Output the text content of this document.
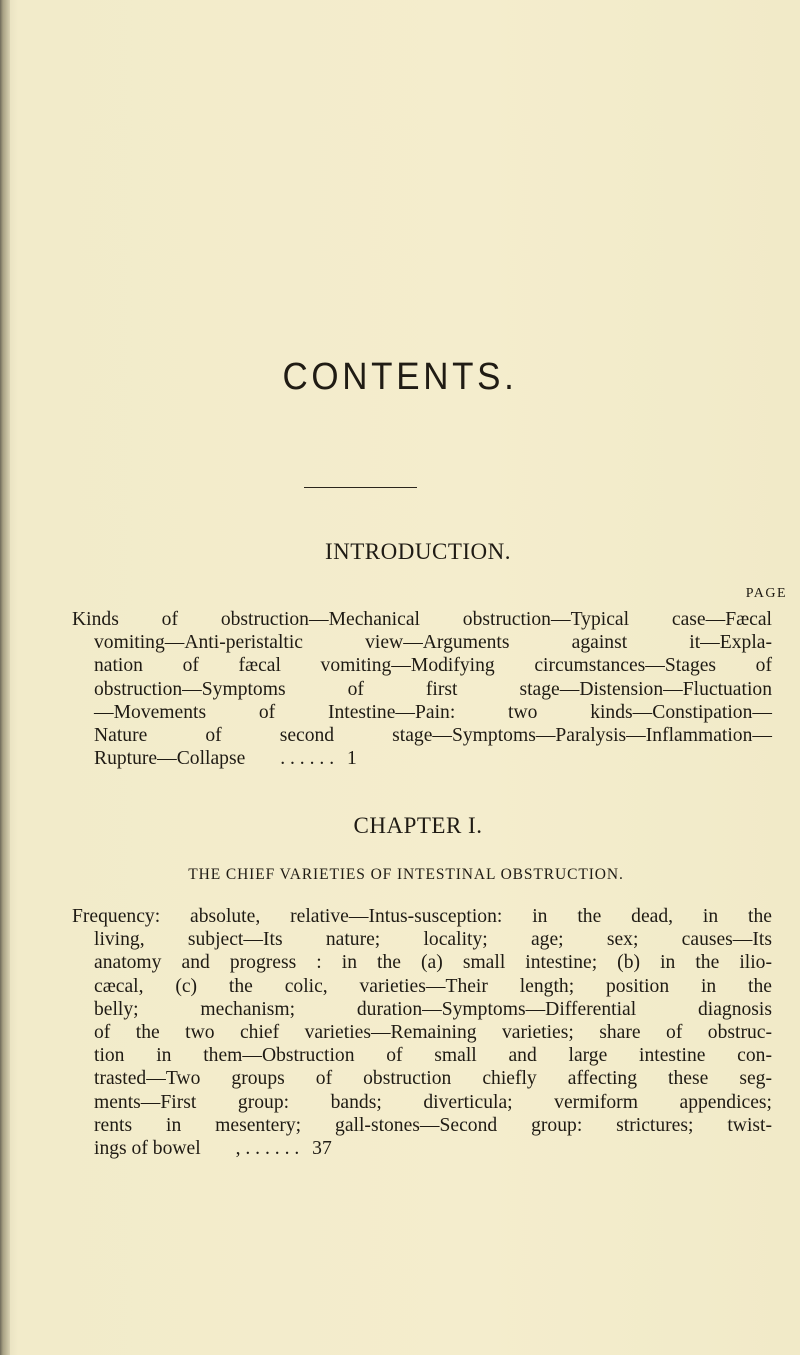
CONTENTS.
INTRODUCTION.
PAGE
Kinds of obstruction—Mechanical obstruction—Typical case—Fæcal
vomiting—Anti-peristaltic view—Arguments against it—Expla-
nation of fæcal vomiting—Modifying circumstances—Stages of
obstruction—Symptoms of first stage—Distension—Fluctuation
—Movements of Intestine—Pain: two kinds—Constipation—
Nature of second stage—Symptoms—Paralysis—Inflammation—
Rupture—Collapse . . . . . . 1
CHAPTER I.
THE CHIEF VARIETIES OF INTESTINAL OBSTRUCTION.
Frequency: absolute, relative—Intus-susception: in the dead, in the
living, subject—Its nature; locality; age; sex; causes—Its
anatomy and progress : in the (a) small intestine; (b) in the ilio-
cæcal, (c) the colic, varieties—Their length; position in the
belly; mechanism; duration—Symptoms—Differential diagnosis
of the two chief varieties—Remaining varieties; share of obstruc-
tion in them—Obstruction of small and large intestine con-
trasted—Two groups of obstruction chiefly affecting these seg-
ments—First group: bands; diverticula; vermiform appendices;
rents in mesentery; gall-stones—Second group: strictures; twist-
ings of bowel , . . . . . . 37
